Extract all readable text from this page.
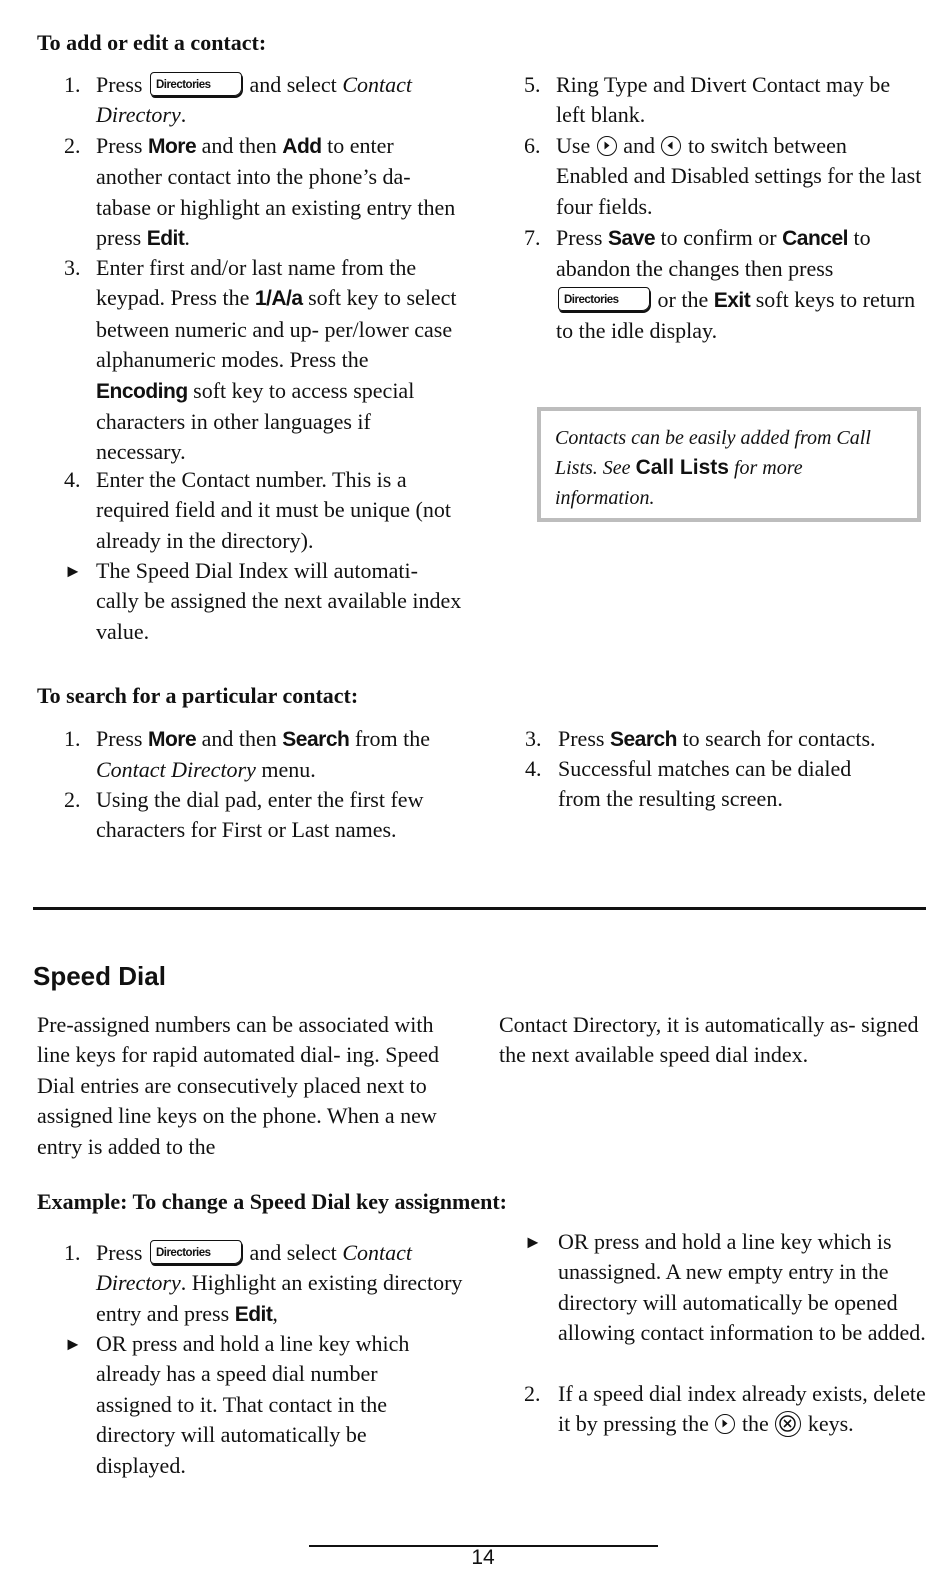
To add or edit a contact:
1. Press Directories and select Contact Directory.
2. Press More and then Add to enter another contact into the phone’s da- tabase or highlight an existing entry then press Edit.
3. Enter first and/or last name from the keypad. Press the 1/A/a soft key to select between numeric and up- per/lower case alphanumeric modes. Press the Encoding soft key to access special characters in other languages if necessary.
4. Enter the Contact number. This is a required field and it must be unique (not already in the directory).
► The Speed Dial Index will automati- cally be assigned the next available index value.
5. Ring Type and Divert Contact may be left blank.
6. Use and to switch between Enabled and Disabled settings for the last four fields.
7. Press Save to confirm or Cancel to abandon the changes then press Directories or the Exit soft keys to return to the idle display.
Contacts can be easily added from Call Lists. See Call Lists for more information.
To search for a particular contact:
1. Press More and then Search from the Contact Directory menu.
2. Using the dial pad, enter the first few characters for First or Last names.
3. Press Search to search for contacts.
4. Successful matches can be dialed from the resulting screen.
Speed Dial
Pre-assigned numbers can be associated with line keys for rapid automated dial- ing. Speed Dial entries are consecutively placed next to assigned line keys on the phone. When a new entry is added to the
Contact Directory, it is automatically as- signed the next available speed dial index.
Example: To change a Speed Dial key assignment:
1. Press Directories and select Contact Directory. Highlight an existing directory entry and press Edit,
► OR press and hold a line key which already has a speed dial number assigned to it. That contact in the directory will automatically be displayed.
► OR press and hold a line key which is unassigned. A new empty entry in the directory will automatically be opened allowing contact information to be added.
2. If a speed dial index already exists, delete it by pressing the the keys.
14
